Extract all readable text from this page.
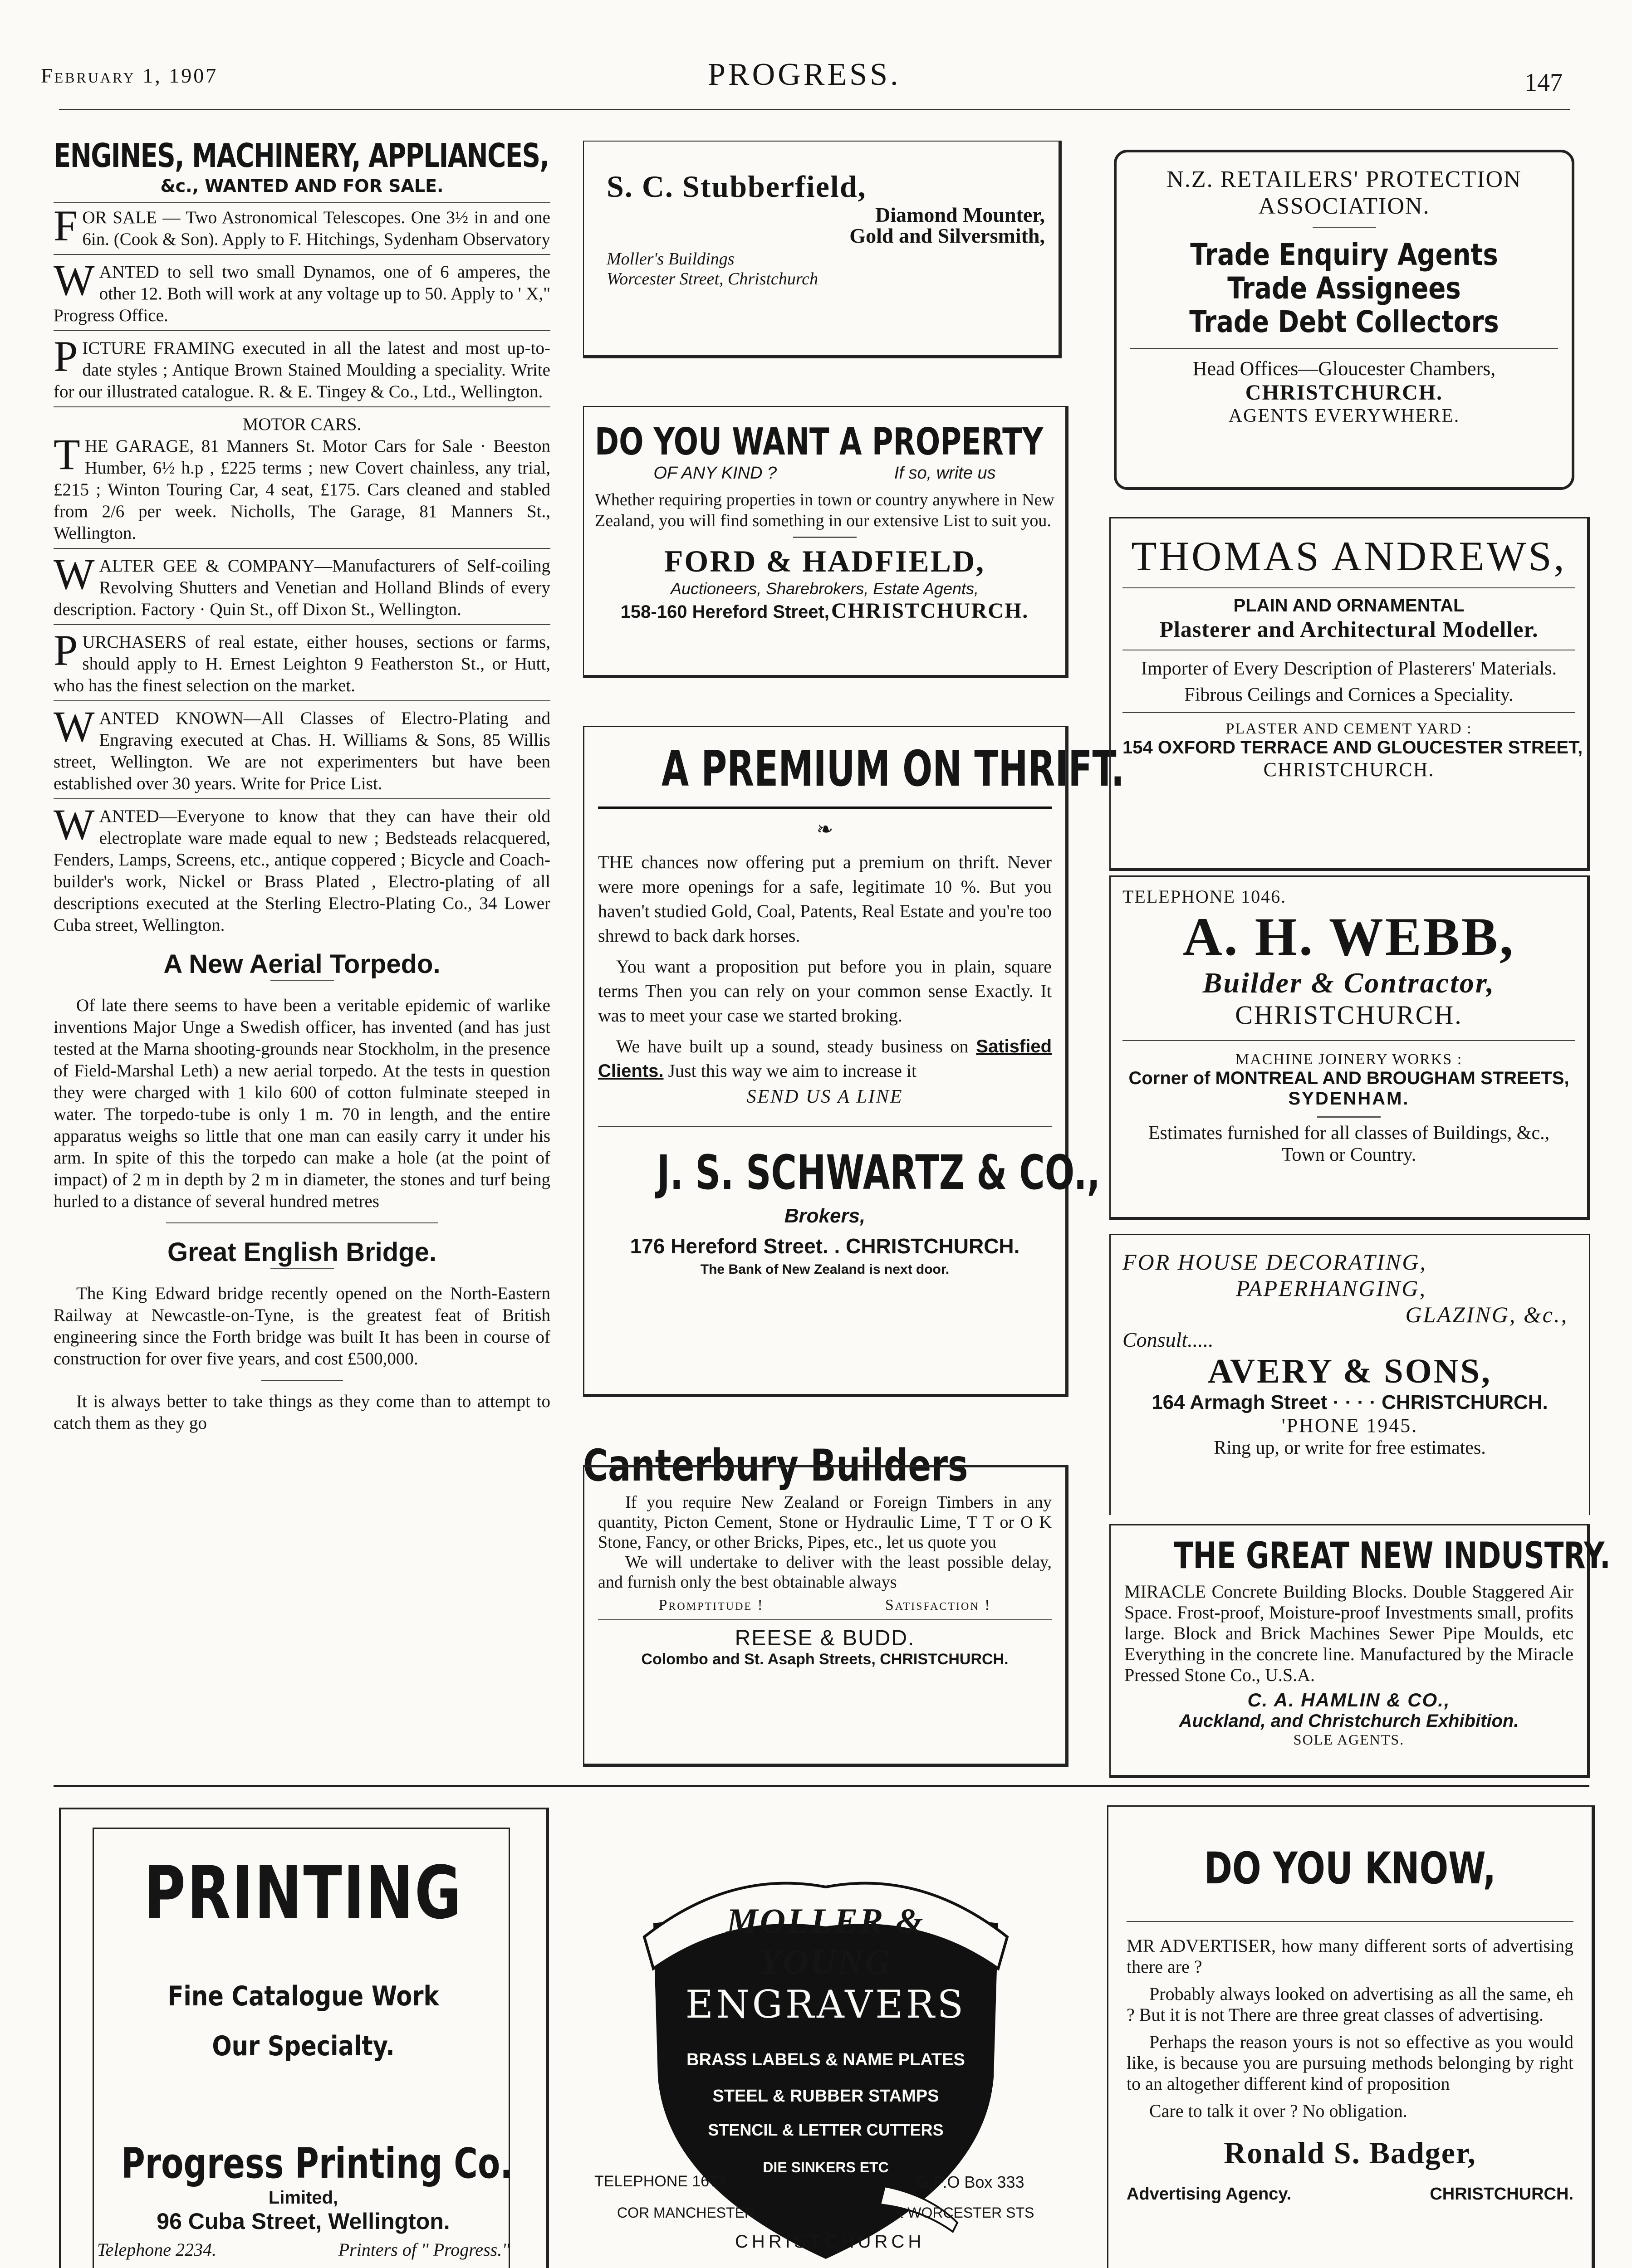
February 1, 1907	PROGRESS.	147
ENGINES, MACHINERY, APPLIANCES,
&c., WANTED AND FOR SALE.
FOR SALE — Two Astronomical Telescopes. One 3½ in and one 6in. (Cook & Son). Apply to F. Hitchings, Sydenham Observatory
WANTED to sell two small Dynamos, one of 6 amperes, the other 12. Both will work at any voltage up to 50. Apply to ' X," Progress Office.
PICTURE FRAMING executed in all the latest and most up-to-date styles ; Antique Brown Stained Moulding a speciality. Write for our illustrated catalogue. R. & E. Tingey & Co., Ltd., Wellington.
MOTOR CARS.
THE GARAGE, 81 Manners St. Motor Cars for Sale · Beeston Humber, 6½ h.p , £225 terms ; new Covert chainless, any trial, £215 ; Winton Touring Car, 4 seat, £175. Cars cleaned and stabled from 2/6 per week. Nicholls, The Garage, 81 Manners St., Wellington.
WALTER GEE & COMPANY—Manufacturers of Self-coiling Revolving Shutters and Venetian and Holland Blinds of every description. Factory · Quin St., off Dixon St., Wellington.
PURCHASERS of real estate, either houses, sections or farms, should apply to H. Ernest Leighton 9 Featherston St., or Hutt, who has the finest selection on the market.
WANTED KNOWN—All Classes of Electro-Plating and Engraving executed at Chas. H. Williams & Sons, 85 Willis street, Wellington. We are not experimenters but have been established over 30 years. Write for Price List.
WANTED—Everyone to know that they can have their old electroplate ware made equal to new ; Bedsteads relacquered, Fenders, Lamps, Screens, etc., antique coppered ; Bicycle and Coach-builder's work, Nickel or Brass Plated , Electro-plating of all descriptions executed at the Sterling Electro-Plating Co., 34 Lower Cuba street, Wellington.
A New Aerial Torpedo.

Of late there seems to have been a veritable epidemic of warlike inventions Major Unge a Swedish officer, has invented (and has just tested at the Marna shooting-grounds near Stockholm, in the presence of Field-Marshal Leth) a new aerial torpedo. At the tests in question they were charged with 1 kilo 600 of cotton fulminate steeped in water. The torpedo-tube is only 1 m. 70 in length, and the entire apparatus weighs so little that one man can easily carry it under his arm. In spite of this the torpedo can make a hole (at the point of impact) of 2 m in depth by 2 m in diameter, the stones and turf being hurled to a distance of several hundred metres

Great English Bridge.

The King Edward bridge recently opened on the North-Eastern Railway at Newcastle-on-Tyne, is the greatest feat of British engineering since the Forth bridge was built It has been in course of construction for over five years, and cost £500,000.

It is always better to take things as they come than to attempt to catch them as they go

S. C. Stubberfield,
Diamond Mounter,
Gold and Silversmith,
Moller's Buildings
Worcester Street, Christchurch
DO YOU WANT A PROPERTY
OF ANY KIND ?	If so, write us

Whether requiring properties in town or country anywhere in New Zealand, you will find something in our extensive List to suit you.

FORD & HADFIELD,
Auctioneers, Sharebrokers, Estate Agents,
158-160 Hereford Street, CHRISTCHURCH.
A PREMIUM ON THRIFT.
❧

THE chances now offering put a premium on thrift. Never were more openings for a safe, legitimate 10 %. But you haven't studied Gold, Coal, Patents, Real Estate and you're too shrewd to back dark horses.

You want a proposition put before you in plain, square terms Then you can rely on your common sense Exactly. It was to meet your case we started broking.

We have built up a sound, steady business on Satisfied Clients. Just this way we aim to increase it

SEND US A LINE
J. S. SCHWARTZ & CO.,
Brokers,
176 Hereford Street. . CHRISTCHURCH.
The Bank of New Zealand is next door.
Canterbury Builders

If you require New Zealand or Foreign Timbers in any quantity, Picton Cement, Stone or Hydraulic Lime, T T or O K Stone, Fancy, or other Bricks, Pipes, etc., let us quote you

We will undertake to deliver with the least possible delay, and furnish only the best obtainable always

Promptitude !	Satisfaction !
REESE & BUDD.
Colombo and St. Asaph Streets, CHRISTCHURCH.
N.Z. RETAILERS' PROTECTION
ASSOCIATION.
Trade Enquiry Agents
Trade Assignees
Trade Debt Collectors
Head Offices—Gloucester Chambers,
CHRISTCHURCH.
AGENTS EVERYWHERE.
THOMAS ANDREWS,
PLAIN AND ORNAMENTAL
Plasterer and Architectural Modeller.
Importer of Every Description of Plasterers' Materials.
Fibrous Ceilings and Cornices a Speciality.
PLASTER AND CEMENT YARD :
154 OXFORD TERRACE AND GLOUCESTER STREET,
CHRISTCHURCH.
TELEPHONE 1046.
A. H. WEBB,
Builder & Contractor,
CHRISTCHURCH.
MACHINE JOINERY WORKS :
Corner of MONTREAL AND BROUGHAM STREETS,
SYDENHAM.
Estimates furnished for all classes of Buildings, &c., Town or Country.
FOR HOUSE DECORATING,
PAPERHANGING,
GLAZING, &c.,
Consult.....
AVERY & SONS,
164 Armagh Street · · · · CHRISTCHURCH.
'PHONE 1945.
Ring up, or write for free estimates.
THE GREAT NEW INDUSTRY.

MIRACLE Concrete Building Blocks. Double Staggered Air Space. Frost-proof, Moisture-proof Investments small, profits large. Block and Brick Machines Sewer Pipe Moulds, etc Everything in the concrete line. Manufactured by the Miracle Pressed Stone Co., U.S.A.

C. A. HAMLIN & CO.,
Auckland, and Christchurch Exhibition.
SOLE AGENTS.
PRINTING
Fine Catalogue Work
Our Specialty.
Progress Printing Co.
Limited,
96 Cuba Street, Wellington.
Telephone 2234.	Printers of " Progress."
MOLLER & YOUNG
ENGRAVERS
BRASS LABELS & NAME PLATES
STEEL & RUBBER STAMPS
STENCIL & LETTER CUTTERS
DIE SINKERS ETC
TELEPHONE 1677	G.P.O Box 333
COR MANCHESTER	& WORCESTER STS
CHRISTCHURCH
DO YOU KNOW,

MR ADVERTISER, how many different sorts of advertising there are ?

Probably always looked on advertising as all the same, eh ? But it is not There are three great classes of advertising.

Perhaps the reason yours is not so effective as you would like, is because you are pursuing methods belonging by right to an altogether different kind of proposition

Care to talk it over ? No obligation.

Ronald S. Badger,
Advertising Agency.	CHRISTCHURCH.
